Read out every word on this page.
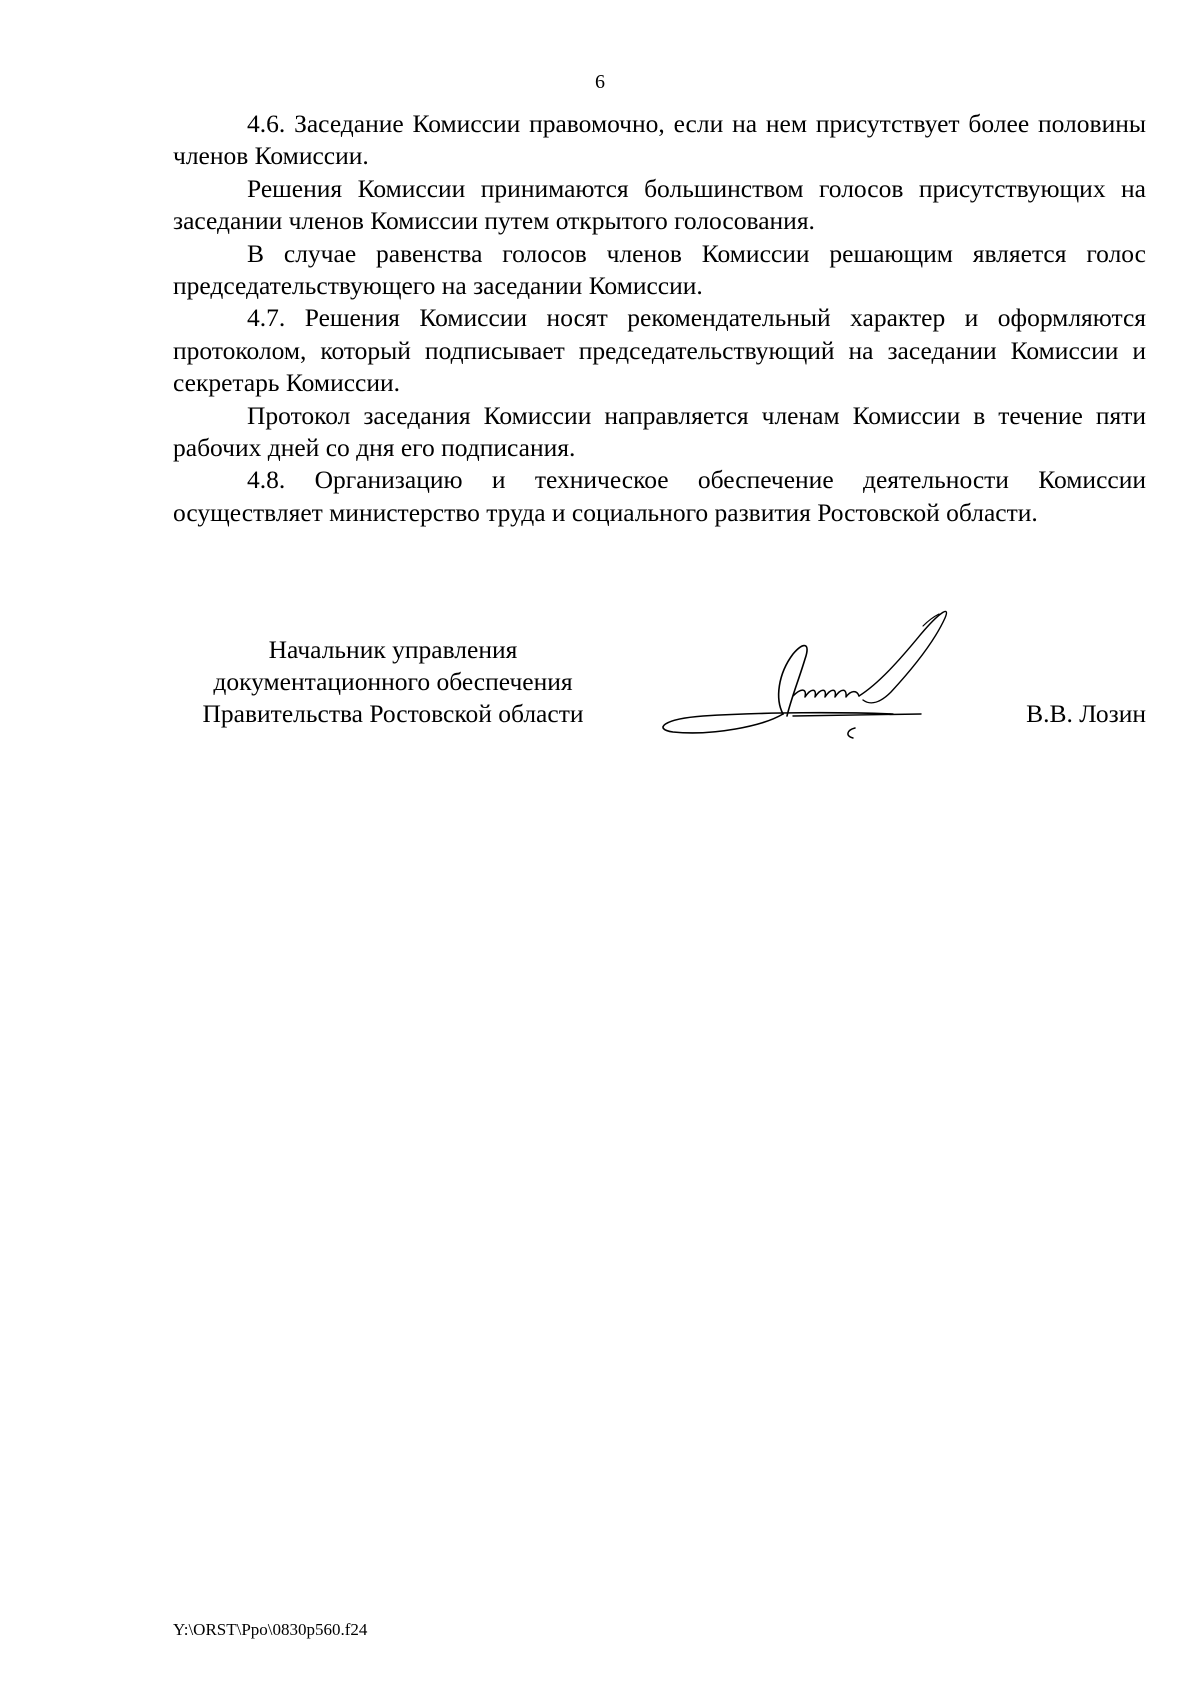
6

4.6. Заседание Комиссии правомочно, если на нем присутствует более половины членов Комиссии.

Решения Комиссии принимаются большинством голосов присутствующих на заседании членов Комиссии путем открытого голосования.

В случае равенства голосов членов Комиссии решающим является голос председательствующего на заседании Комиссии.

4.7. Решения Комиссии носят рекомендательный характер и оформляются протоколом, который подписывает председательствующий на заседании Комиссии и секретарь Комиссии.

Протокол заседания Комиссии направляется членам Комиссии в течение пяти рабочих дней со дня его подписания.

4.8. Организацию и техническое обеспечение деятельности Комиссии осуществляет министерство труда и социального развития Ростовской области.

Начальник управления
документационного обеспечения
Правительства Ростовской области	В.В. Лозин
Y:\ORST\Ppo\0830p560.f24
